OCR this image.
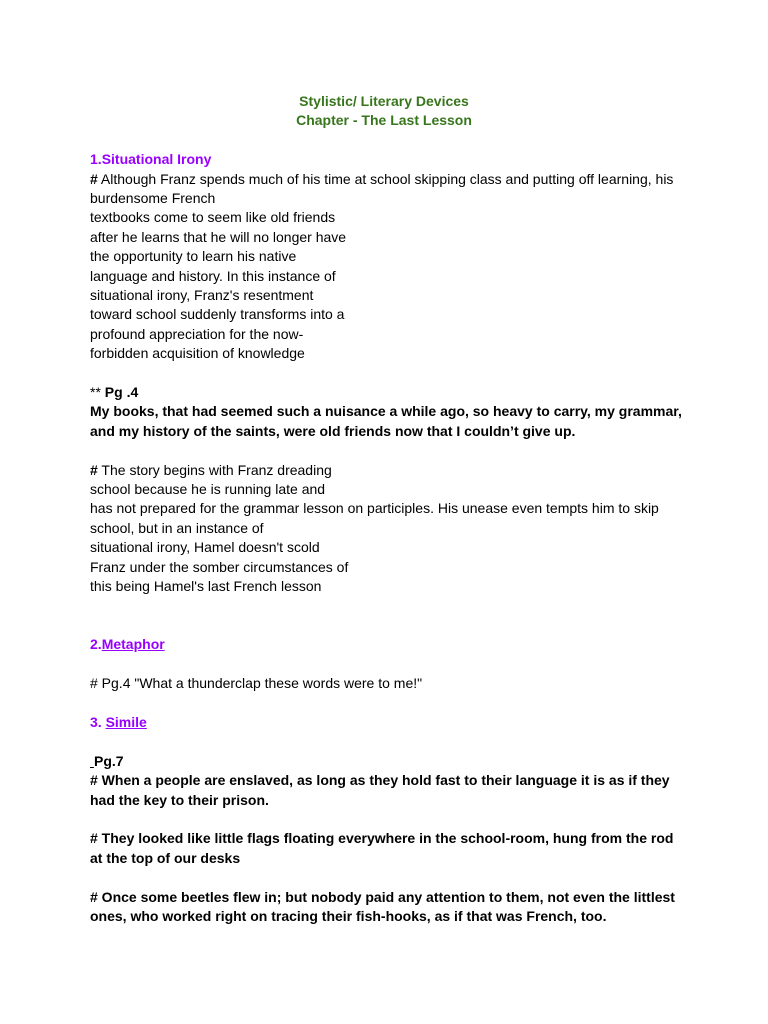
Stylistic/ Literary Devices
Chapter - The Last Lesson
1.Situational Irony
# Although Franz spends much of his time at school skipping class and putting off learning, his
burdensome French
textbooks come to seem like old friends
after he learns that he will no longer have
the opportunity to learn his native
language and history. In this instance of
situational irony, Franz's resentment
toward school suddenly transforms into a
profound appreciation for the now-
forbidden acquisition of knowledge
** Pg .4
My books, that had seemed such a nuisance a while ago, so heavy to carry, my grammar,
and my history of the saints, were old friends now that I couldn’t give up.
# The story begins with Franz dreading
school because he is running late and
has not prepared for the grammar lesson on participles. His unease even tempts him to skip
school, but in an instance of
situational irony, Hamel doesn't scold
Franz under the somber circumstances of
this being Hamel's last French lesson
2.Metaphor
# Pg.4 "What a thunderclap these words were to me!"
3. Simile
Pg.7
# When a people are enslaved, as long as they hold fast to their language it is as if they
had the key to their prison.
# They looked like little flags floating everywhere in the school-room, hung from the rod
at the top of our desks
# Once some beetles flew in; but nobody paid any attention to them, not even the littlest
ones, who worked right on tracing their fish-hooks, as if that was French, too.
